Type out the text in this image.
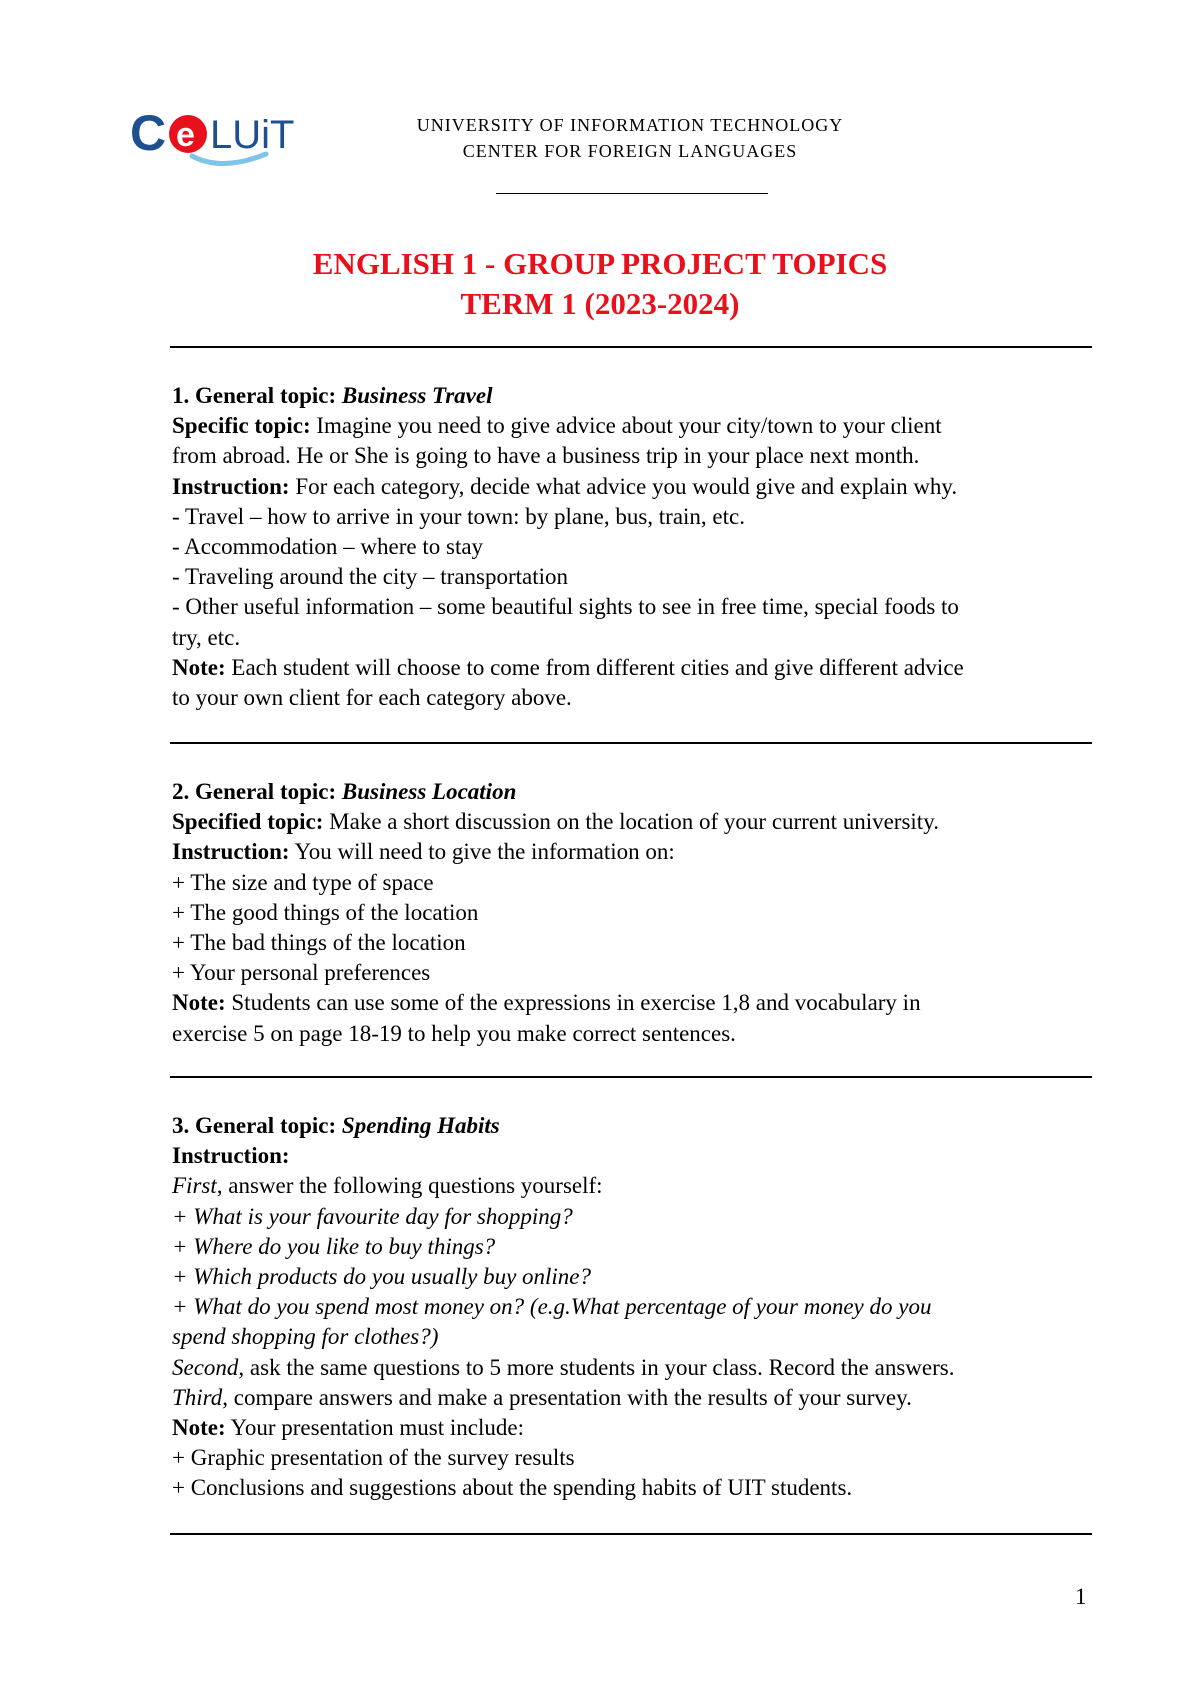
C e LUiT	UNIVERSITY OF INFORMATION TECHNOLOGY
CENTER FOR FOREIGN LANGUAGES
ENGLISH 1 - GROUP PROJECT TOPICS
TERM 1 (2023-2024)
1. General topic: Business Travel
Specific topic: Imagine you need to give advice about your city/town to your client
from abroad. He or She is going to have a business trip in your place next month.
Instruction: For each category, decide what advice you would give and explain why.
- Travel – how to arrive in your town: by plane, bus, train, etc.
- Accommodation – where to stay
- Traveling around the city – transportation
- Other useful information – some beautiful sights to see in free time, special foods to
try, etc.
Note: Each student will choose to come from different cities and give different advice
to your own client for each category above.
2. General topic: Business Location
Specified topic: Make a short discussion on the location of your current university.
Instruction: You will need to give the information on:
+ The size and type of space
+ The good things of the location
+ The bad things of the location
+ Your personal preferences
Note: Students can use some of the expressions in exercise 1,8 and vocabulary in
exercise 5 on page 18-19 to help you make correct sentences.
3. General topic: Spending Habits
Instruction:
First, answer the following questions yourself:
+ What is your favourite day for shopping?
+ Where do you like to buy things?
+ Which products do you usually buy online?
+ What do you spend most money on? (e.g.What percentage of your money do you
spend shopping for clothes?)
Second, ask the same questions to 5 more students in your class. Record the answers.
Third, compare answers and make a presentation with the results of your survey.
Note: Your presentation must include:
+ Graphic presentation of the survey results
+ Conclusions and suggestions about the spending habits of UIT students.
1
